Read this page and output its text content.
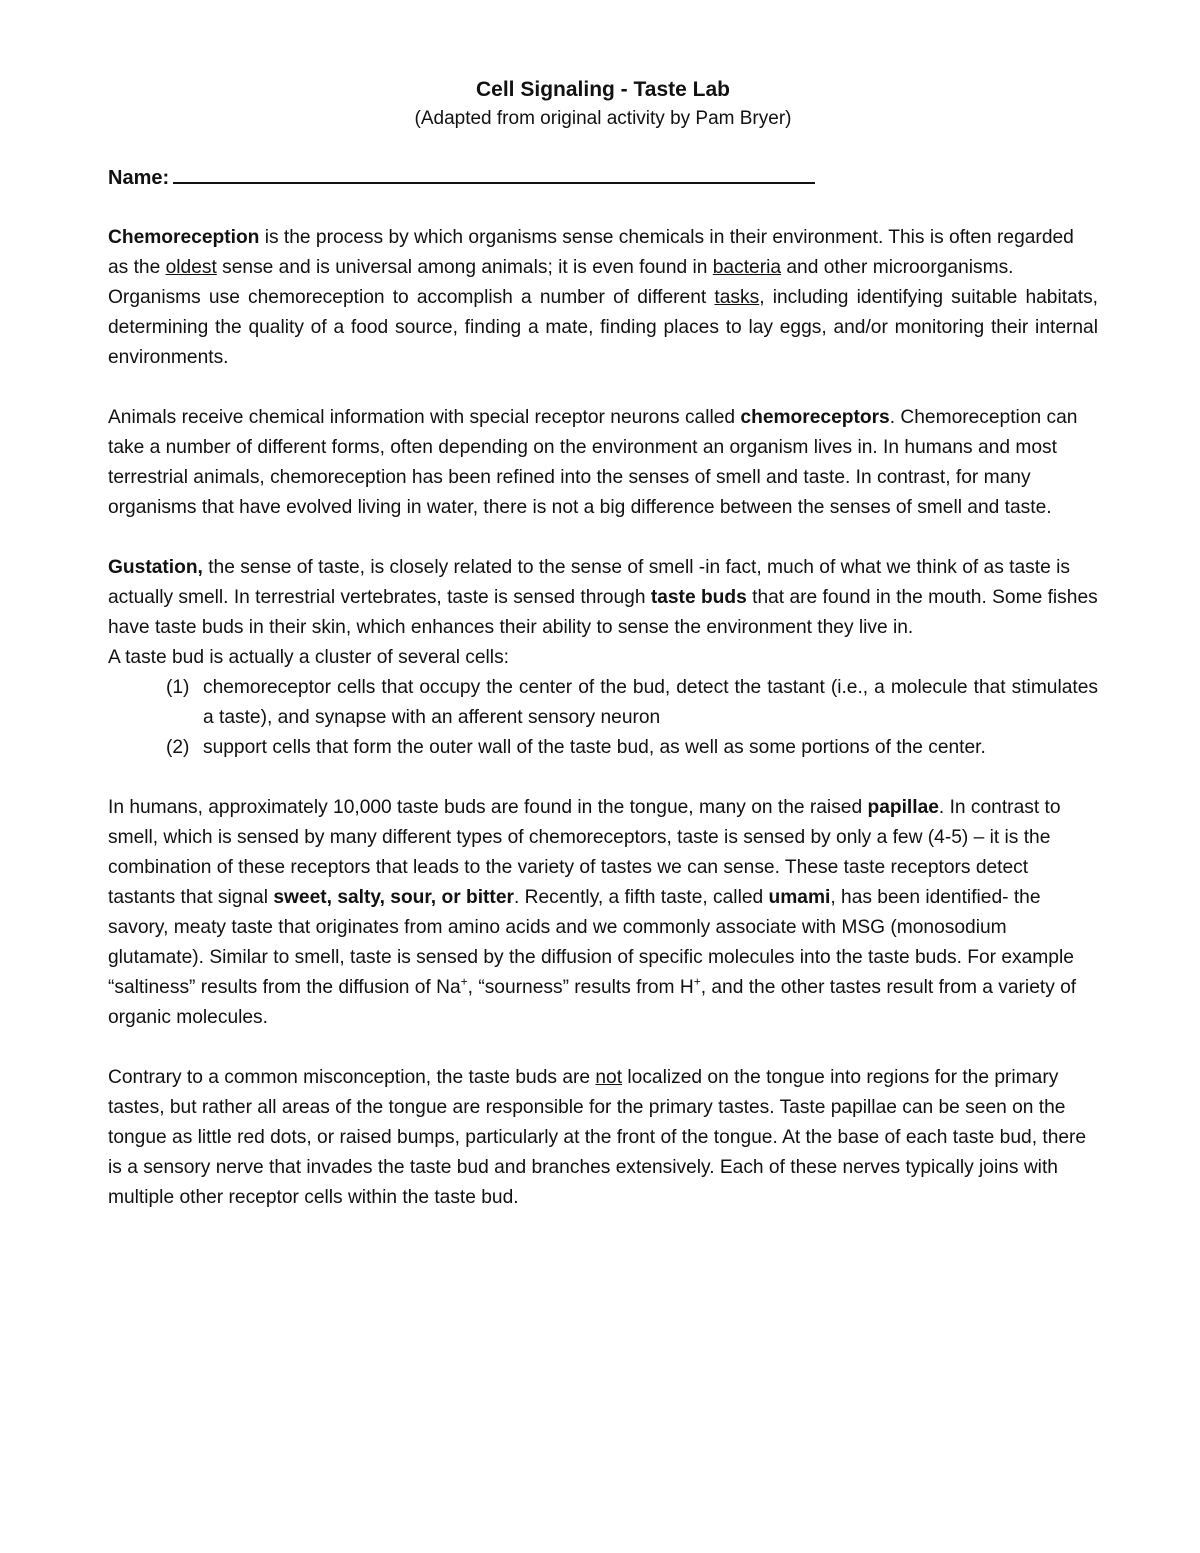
Cell Signaling - Taste Lab
(Adapted from original activity by Pam Bryer)
Name:

Chemoreception is the process by which organisms sense chemicals in their environment. This is often regarded as the oldest sense and is universal among animals; it is even found in bacteria and other microorganisms.

Organisms use chemoreception to accomplish a number of different tasks, including identifying suitable habitats, determining the quality of a food source, finding a mate, finding places to lay eggs, and/or monitoring their internal environments.

Animals receive chemical information with special receptor neurons called chemoreceptors. Chemoreception can take a number of different forms, often depending on the environment an organism lives in. In humans and most terrestrial animals, chemoreception has been refined into the senses of smell and taste. In contrast, for many organisms that have evolved living in water, there is not a big difference between the senses of smell and taste.

Gustation, the sense of taste, is closely related to the sense of smell -in fact, much of what we think of as taste is actually smell. In terrestrial vertebrates, taste is sensed through taste buds that are found in the mouth. Some fishes have taste buds in their skin, which enhances their ability to sense the environment they live in.

A taste bud is actually a cluster of several cells:

(1) chemoreceptor cells that occupy the center of the bud, detect the tastant (i.e., a molecule that stimulates a taste), and synapse with an afferent sensory neuron
(2) support cells that form the outer wall of the taste bud, as well as some portions of the center.

In humans, approximately 10,000 taste buds are found in the tongue, many on the raised papillae. In contrast to smell, which is sensed by many different types of chemoreceptors, taste is sensed by only a few (4-5) – it is the combination of these receptors that leads to the variety of tastes we can sense. These taste receptors detect tastants that signal sweet, salty, sour, or bitter. Recently, a fifth taste, called umami, has been identified- the savory, meaty taste that originates from amino acids and we commonly associate with MSG (monosodium glutamate). Similar to smell, taste is sensed by the diffusion of specific molecules into the taste buds. For example “saltiness” results from the diffusion of Na+, “sourness” results from H+, and the other tastes result from a variety of organic molecules.

Contrary to a common misconception, the taste buds are not localized on the tongue into regions for the primary tastes, but rather all areas of the tongue are responsible for the primary tastes. Taste papillae can be seen on the tongue as little red dots, or raised bumps, particularly at the front of the tongue. At the base of each taste bud, there is a sensory nerve that invades the taste bud and branches extensively. Each of these nerves typically joins with multiple other receptor cells within the taste bud.
